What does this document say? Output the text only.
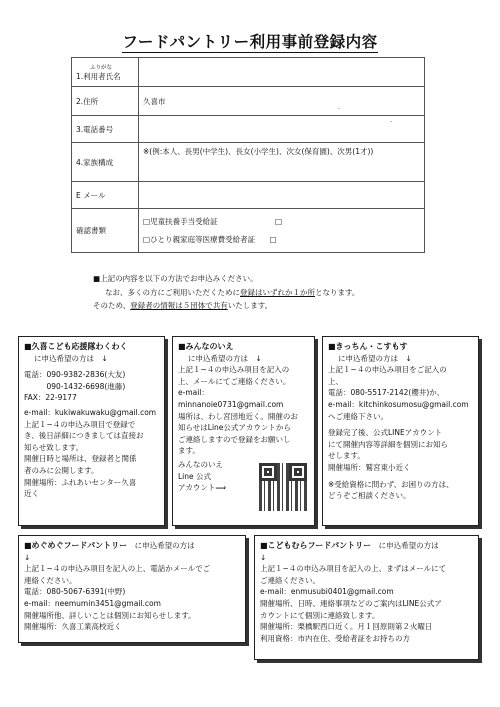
フードパントリー利用事前登録内容
ふりがな
1.利用者氏名	
2.住所	久喜市
3.電話番号	
4.家族構成	※(例:本人、長男(中学生)、長女(小学生)、次女(保育園)、次男(1才))
E メール	
確認書類	□児童扶養手当受給証 □
□ひとり親家庭等医療費受給者証 □
-
-
■上記の内容を以下の方法でお申込みください。
なお、多くの方にご利用いただくために登録はいずれか１か所となります。
そのため、登録者の情報は５団体で共有いたします。

■久喜こども応援隊わくわく

に申込希望の方は　↓

電話：090-9382-2836(大友)

　　　090-1432-6698(進藤)

FAX：22-9177

e-mail：kukiwakuwaku@gmail.com

上記１~４の申込み項目で登録で

き、後日詳細につきましては直接お

知らせ致します。

開催日時と場所は、登録者と関係

者のみに公開します。

開催場所：ふれあいセンター久喜

近く

■みんなのいえ

に申込希望の方は　↓

上記１~４の申込み項目を記入の

上、メールにてご連絡ください。

e-mail：minnanoie0731@gmail.com

場所は、わし宮団地近く。開催のお

知らせはLine公式アカウントから

ご連絡しますので登録をお願いし

ます。

みんなのいえ

Line 公式

アカウント⟹

■きっちん・こすもす

に申込希望の方は　↓

上記１~４の申込み項目をご記入の

上、

電話：080-5517-2142(櫻井)か、

e-mail：kitchinkosumosu@gmail.com

へご連絡下さい。

登録完了後、公式LINEアカウント

にて開催内容等詳細を個別にお知ら

せします。

開催場所：鷲宮東小近く

※受給資格に問わず、お困りの方は、

どうぞご相談ください。

■めぐめぐフードパントリー　 に申込希望の方は

↓

上記１~４の申込み項目を記入の上、電話かメールでご

連絡ください。

電話：080-5067-6391(中野)

e-mail：neemumin3451@gmail.com

開催場所他、詳しいことは個別にお知らせします。

開催場所：久喜工業高校近く

■こどもむらフードパントリー　 に申込希望の方は

↓

上記１~４の申込み項目を記入の上、まずはメールにて

ご連絡ください。

e-mail：enmusubi0401@gmail.com

開催場所、日時、連絡事項などのご案内はLINE公式ア

カウントにて個別に連絡致します。

開催場所：栗橋駅西口近く。月１回原則第２火曜日

利用資格：市内在住、受給者証をお持ちの方
